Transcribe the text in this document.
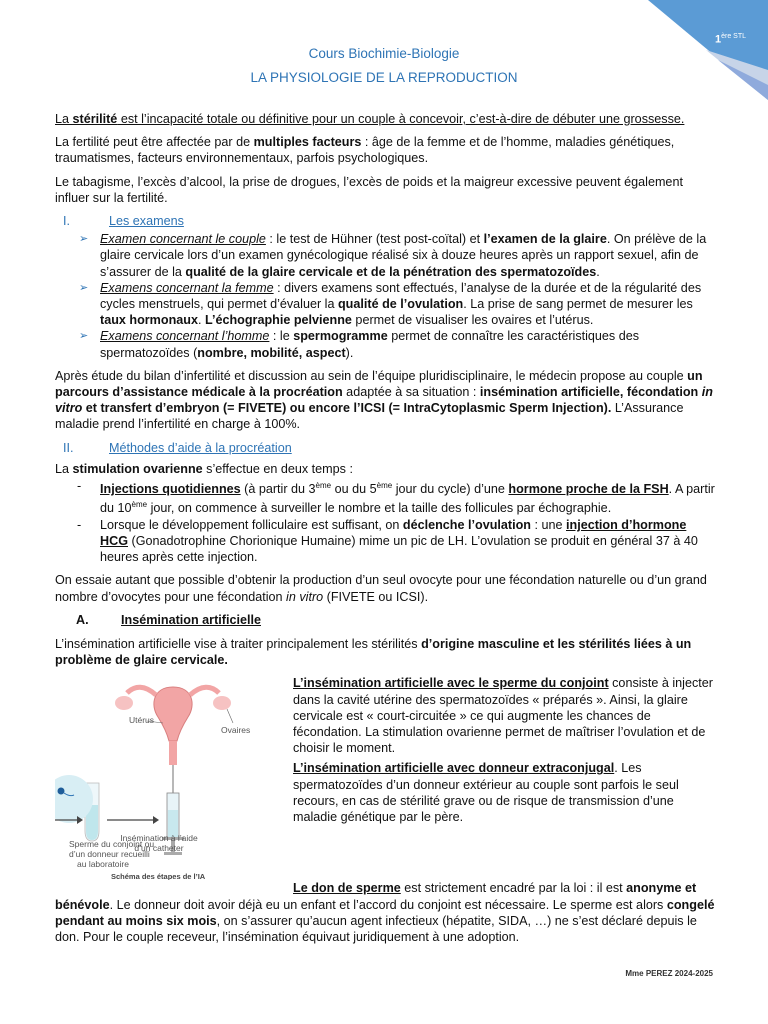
$1^{ère STL}$
Cours Biochimie-Biologie
LA PHYSIOLOGIE DE LA REPRODUCTION

La stérilité est l’incapacité totale ou définitive pour un couple à concevoir, c’est-à-dire de débuter une grossesse.

La fertilité peut être affectée par de multiples facteurs : âge de la femme et de l’homme, maladies génétiques, traumatismes, facteurs environnementaux, parfois psychologiques.

Le tabagisme, l’excès d’alcool, la prise de drogues, l’excès de poids et la maigreur excessive peuvent également influer sur la fertilité.

I.	Les examens

➢ Examen concernant le couple : le test de Hühner (test post-coïtal) et l’examen de la glaire. On prélève de la glaire cervicale lors d’un examen gynécologique réalisé six à douze heures après un rapport sexuel, afin de s’assurer de la qualité de la glaire cervicale et de la pénétration des spermatozoïdes.

➢ Examens concernant la femme : divers examens sont effectués, l’analyse de la durée et de la régularité des cycles menstruels, qui permet d’évaluer la qualité de l’ovulation. La prise de sang permet de mesurer les taux hormonaux. L’échographie pelvienne permet de visualiser les ovaires et l’utérus.

➢ Examens concernant l’homme : le spermogramme permet de connaître les caractéristiques des spermatozoïdes (nombre, mobilité, aspect).

Après étude du bilan d’infertilité et discussion au sein de l’équipe pluridisciplinaire, le médecin propose au couple un parcours d’assistance médicale à la procréation adaptée à sa situation : insémination artificielle, fécondation in vitro et transfert d’embryon (= FIVETE) ou encore l’ICSI (= IntraCytoplasmic Sperm Injection). L’Assurance maladie prend l’infertilité en charge à 100%.

II.	Méthodes d’aide à la procréation

La stimulation ovarienne s’effectue en deux temps :

- Injections quotidiennes (à partir du 3ème ou du 5ème jour du cycle) d’une hormone proche de la FSH. A partir du 10ème jour, on commence à surveiller le nombre et la taille des follicules par échographie.

- Lorsque le développement folliculaire est suffisant, on déclenche l’ovulation : une injection d’hormone HCG (Gonadotrophine Chorionique Humaine) mime un pic de LH. L’ovulation se produit en général 37 à 40 heures après cette injection.

On essaie autant que possible d’obtenir la production d’un seul ovocyte pour une fécondation naturelle ou d’un grand nombre d’ovocytes pour une fécondation in vitro (FIVETE ou ICSI).

A.	Insémination artificielle

L’insémination artificielle vise à traiter principalement les stérilités d’origine masculine et les stérilités liées à un problème de glaire cervicale.

Utérus
Ovaires
Insémination à l’aide
d’un catheter
Sperme du conjoint ou
d’un donneur recueilli
au laboratoire
Schéma des étapes de l’IA

L’insémination artificielle avec le sperme du conjoint consiste à injecter dans la cavité utérine des spermatozoïdes « préparés ». Ainsi, la glaire cervicale est « court-circuitée » ce qui augmente les chances de fécondation. La stimulation ovarienne permet de maîtriser l’ovulation et de choisir le moment.

L’insémination artificielle avec donneur extraconjugal. Les spermatozoïdes d’un donneur extérieur au couple sont parfois le seul recours, en cas de stérilité grave ou de risque de transmission d’une maladie génétique par le père.

Le don de sperme est strictement encadré par la loi : il est anonyme et bénévole. Le donneur doit avoir déjà eu un enfant et l’accord du conjoint est nécessaire. Le sperme est alors congelé pendant au moins six mois, on s’assurer qu’aucun agent infectieux (hépatite, SIDA, …) ne s’est déclaré depuis le don. Pour le couple receveur, l’insémination équivaut juridiquement à une adoption.

Mme PEREZ 2024-2025
